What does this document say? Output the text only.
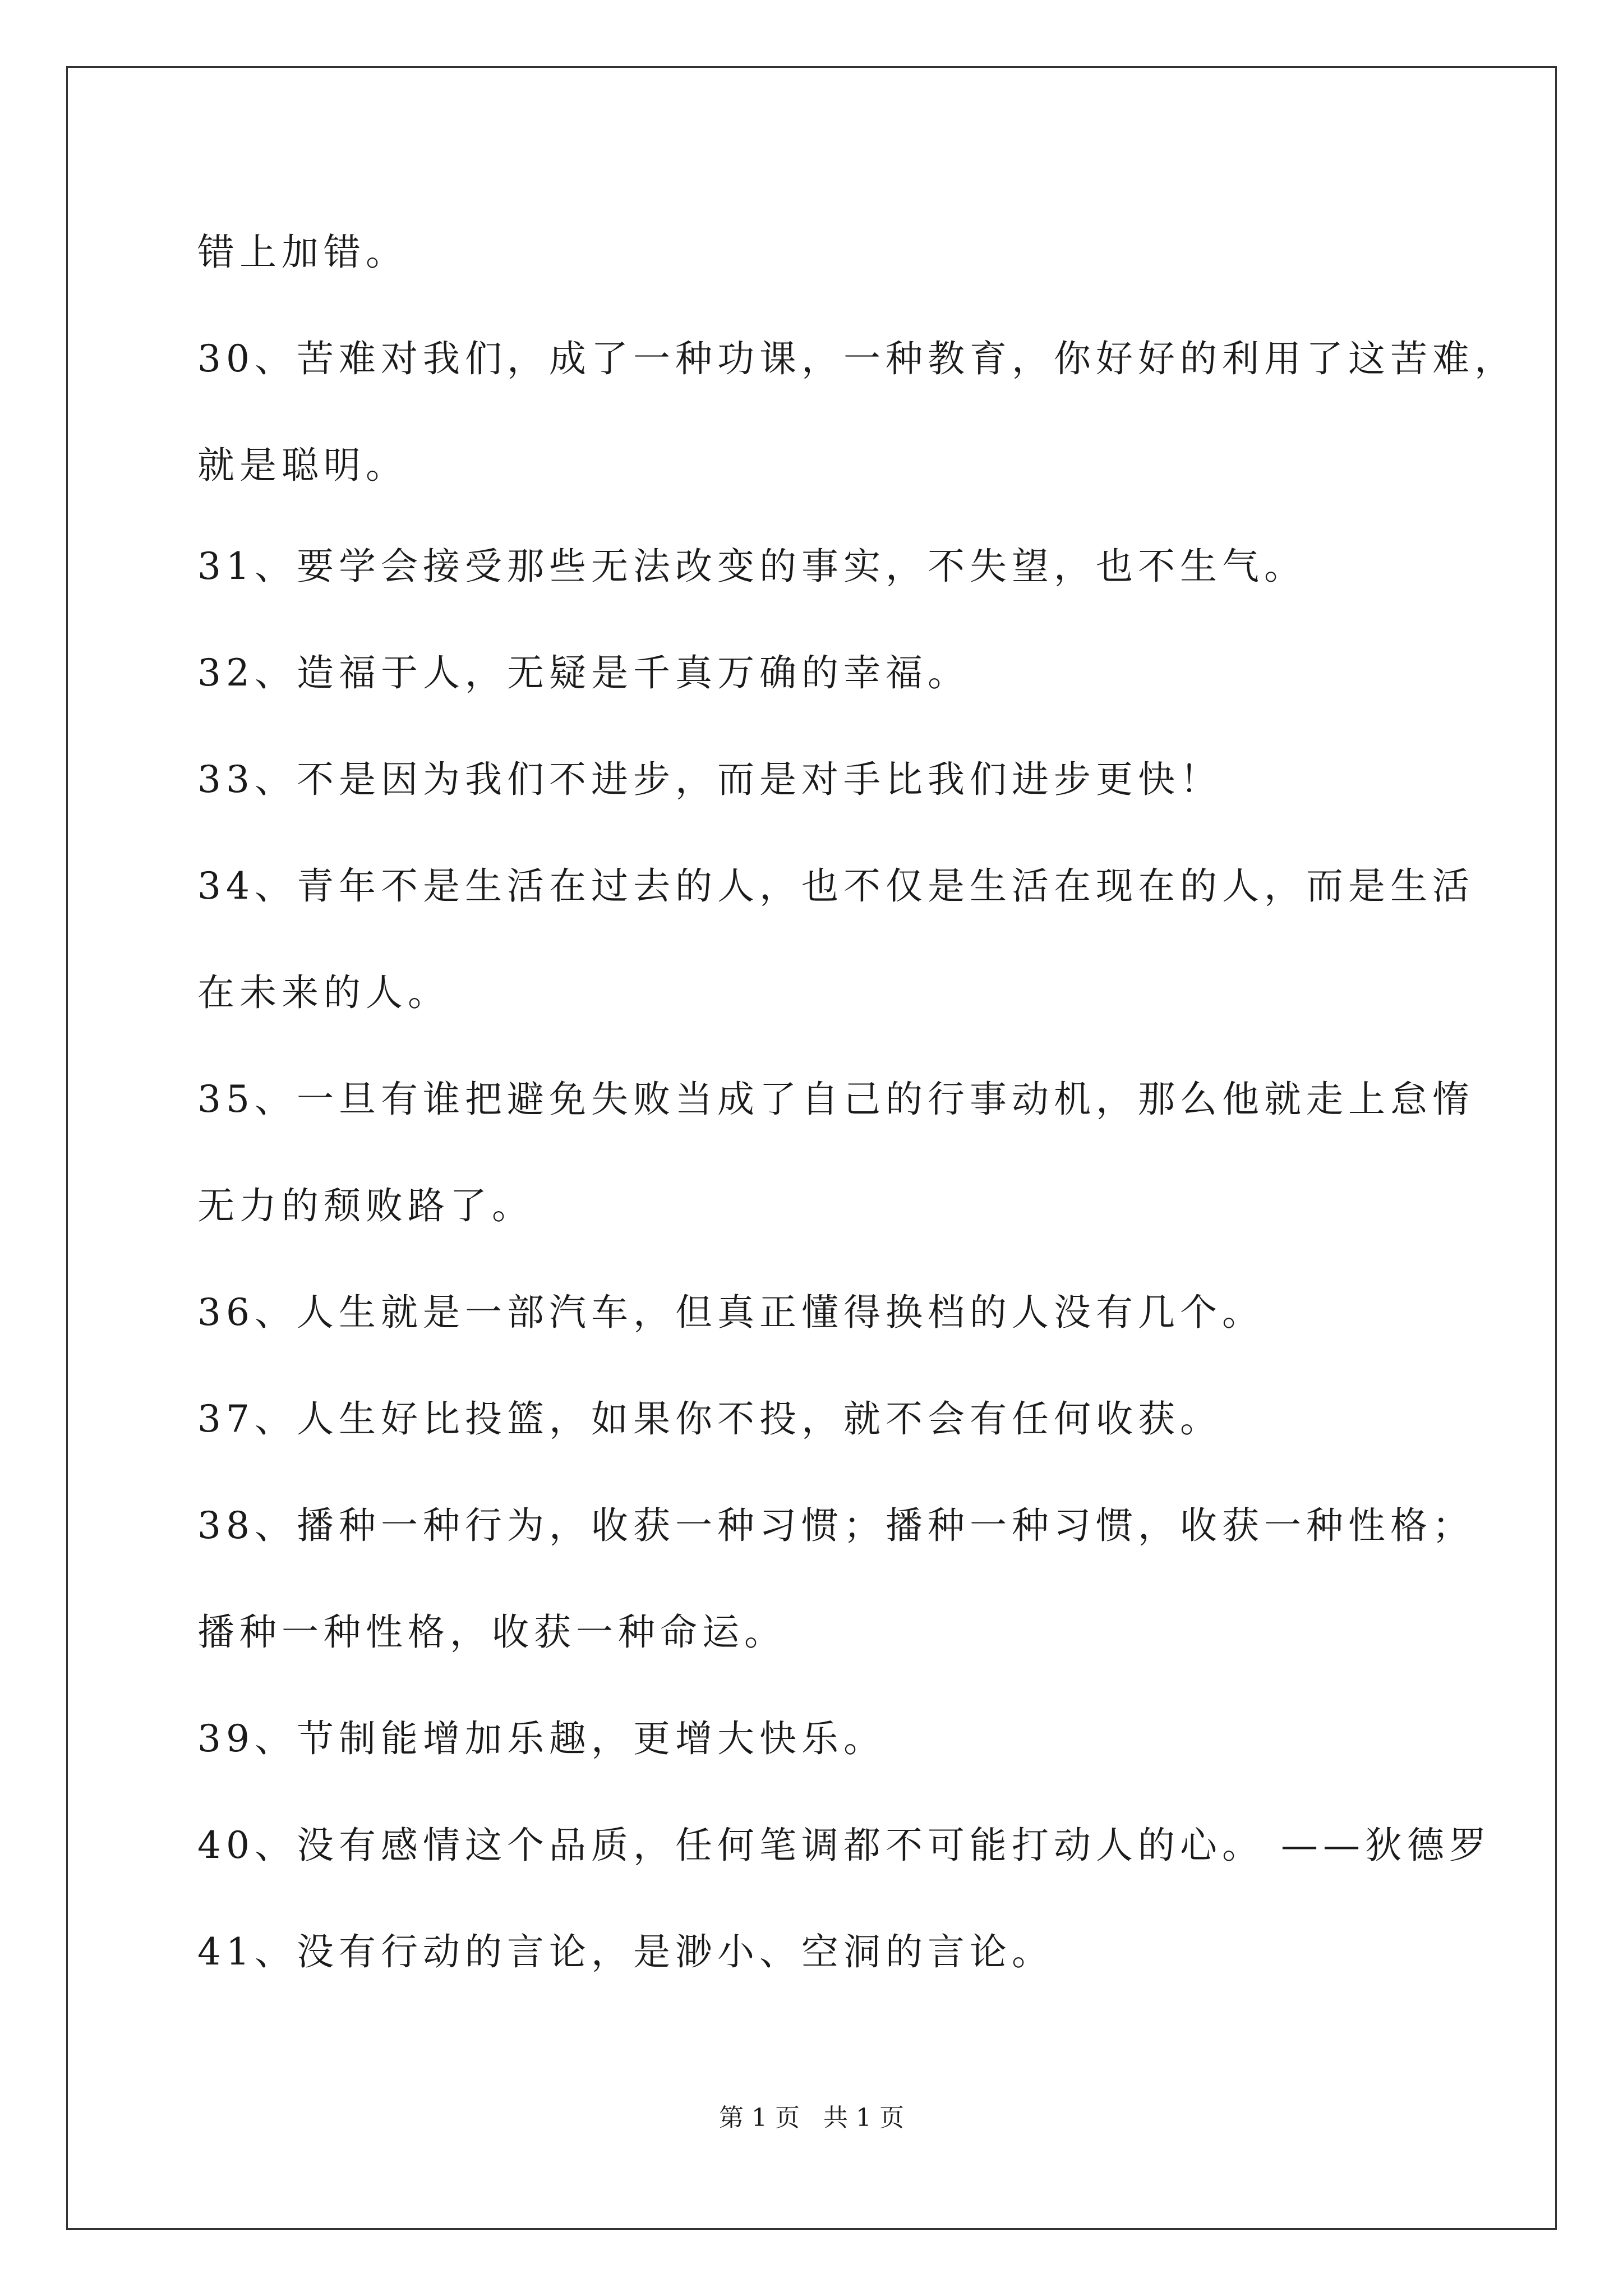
错上加错。
30、苦难对我们，成了一种功课，一种教育，你好好的利用了这苦难，
就是聪明。
31、要学会接受那些无法改变的事实，不失望，也不生气。
32、造福于人，无疑是千真万确的幸福。
33、不是因为我们不进步，而是对手比我们进步更快！
34、青年不是生活在过去的人，也不仅是生活在现在的人，而是生活
在未来的人。
35、一旦有谁把避免失败当成了自己的行事动机，那么他就走上怠惰
无力的颓败路了。
36、人生就是一部汽车，但真正懂得换档的人没有几个。
37、人生好比投篮，如果你不投，就不会有任何收获。
38、播种一种行为，收获一种习惯；播种一种习惯，收获一种性格；
播种一种性格，收获一种命运。
39、节制能增加乐趣，更增大快乐。
40、没有感情这个品质，任何笔调都不可能打动人的心。 ——狄德罗
41、没有行动的言论，是渺小、空洞的言论。
第 1 页   共 1 页
